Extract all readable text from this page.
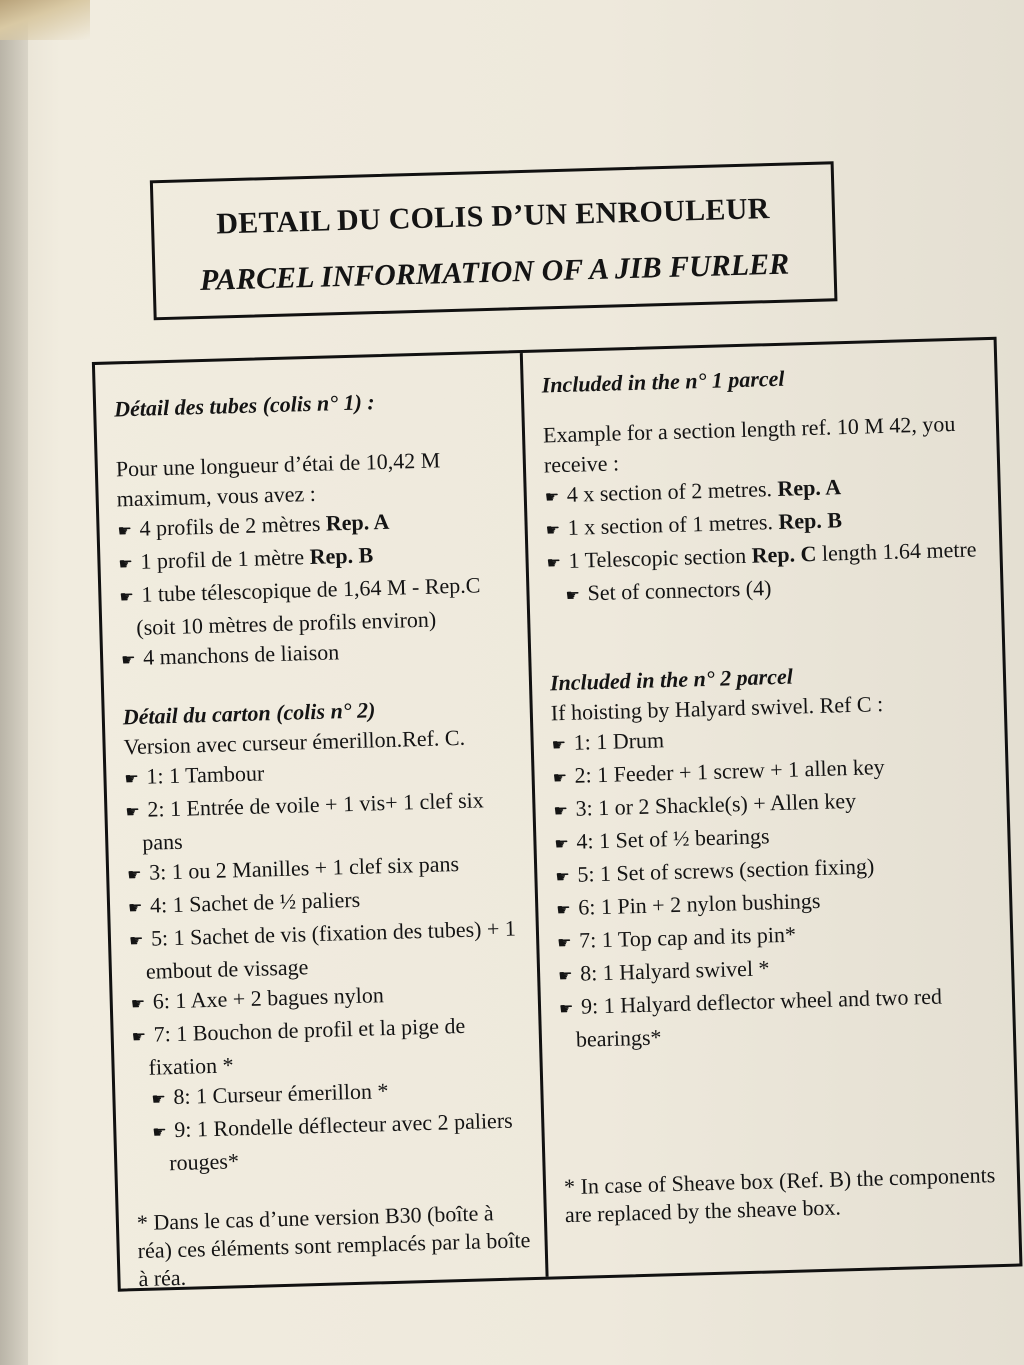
DETAIL DU COLIS D’UN ENROULEUR
PARCEL INFORMATION OF A JIB FURLER

Détail des tubes (colis n° 1) :

Pour une longueur d’étai de 10,42 M maximum, vous avez :

☛ 4 profils de 2 mètres Rep. A

☛ 1 profil de 1 mètre Rep. B

☛ 1 tube télescopique de 1,64 M - Rep.C (soit 10 mètres de profils environ)

☛ 4 manchons de liaison

Détail du carton (colis n° 2)

Version avec curseur émerillon.Ref. C.

☛ 1: 1 Tambour

☛ 2: 1 Entrée de voile + 1 vis+ 1 clef six pans

☛ 3: 1 ou 2 Manilles + 1 clef six pans

☛ 4: 1 Sachet de ½ paliers

☛ 5: 1 Sachet de vis (fixation des tubes) + 1 embout de vissage

☛ 6: 1 Axe + 2 bagues nylon

☛ 7: 1 Bouchon de profil et la pige de fixation *

☛ 8: 1 Curseur émerillon *

☛ 9: 1 Rondelle déflecteur avec 2 paliers rouges*

* Dans le cas d’une version B30 (boîte à réa) ces éléments sont remplacés par la boîte à réa.

Included in the n° 1 parcel

Example for a section length ref. 10 M 42, you receive :

☛ 4 x section of 2 metres. Rep. A

☛ 1 x section of 1 metres. Rep. B

☛ 1 Telescopic section Rep. C length 1.64 metre

☛ Set of connectors (4)

Included in the n° 2 parcel

If hoisting by Halyard swivel. Ref C :

☛ 1: 1 Drum

☛ 2: 1 Feeder + 1 screw + 1 allen key

☛ 3: 1 or 2 Shackle(s) + Allen key

☛ 4: 1 Set of ½ bearings

☛ 5: 1 Set of screws (section fixing)

☛ 6: 1 Pin + 2 nylon bushings

☛ 7: 1 Top cap and its pin*

☛ 8: 1 Halyard swivel *

☛ 9: 1 Halyard deflector wheel and two red bearings*

* In case of Sheave box (Ref. B) the components are replaced by the sheave box.
